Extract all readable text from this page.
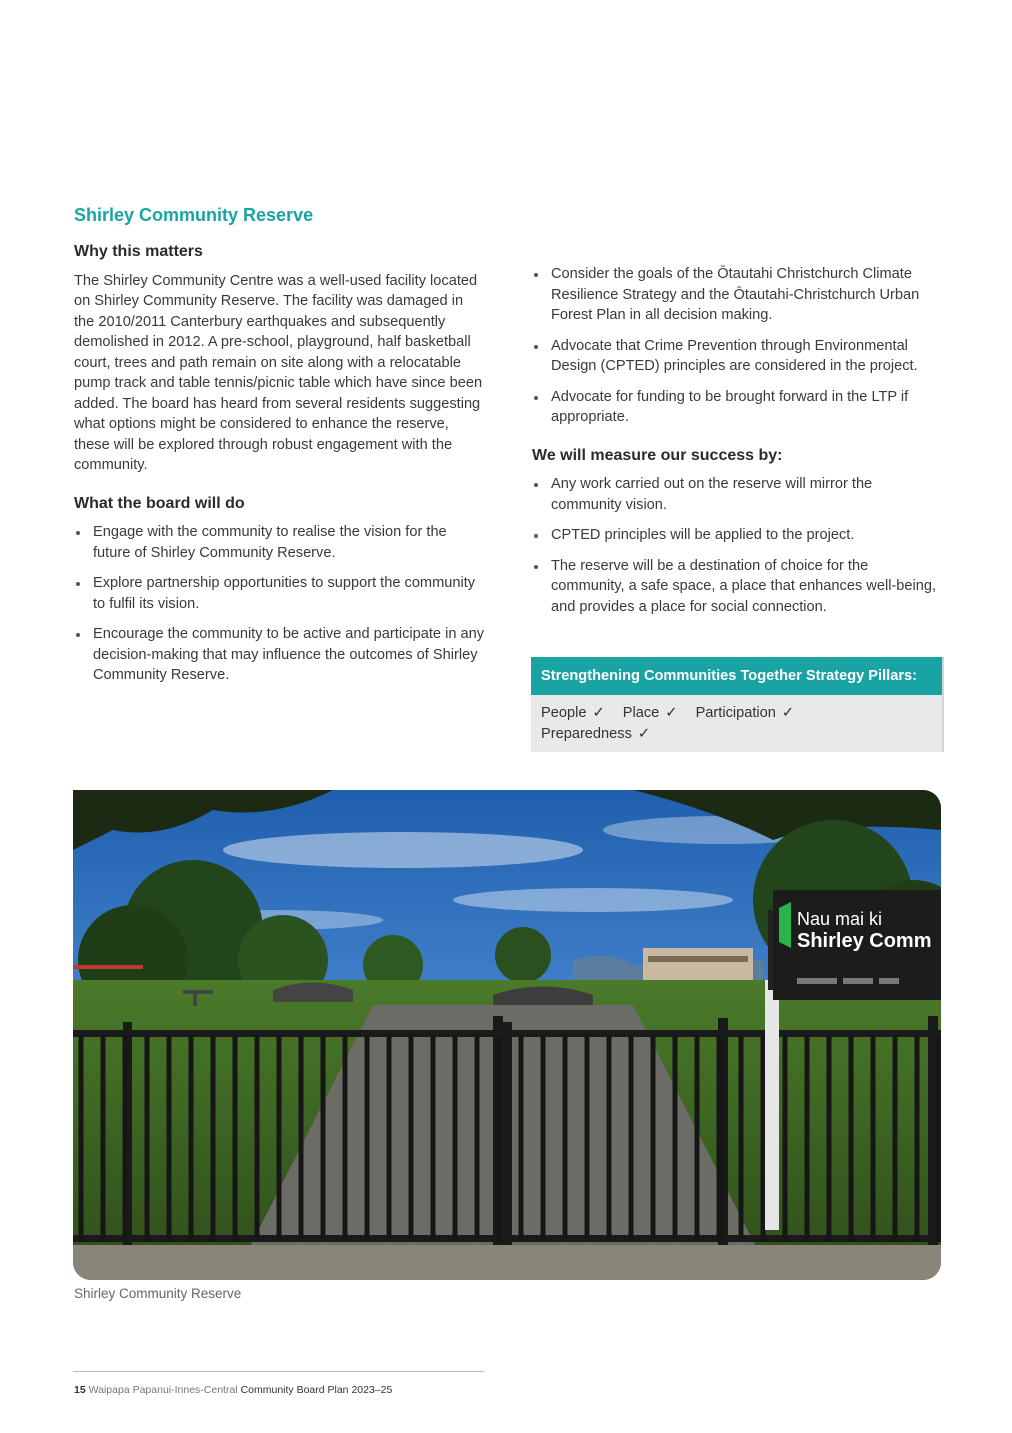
Shirley Community Reserve
Why this matters

The Shirley Community Centre was a well-used facility located on Shirley Community Reserve. The facility was damaged in the 2010/2011 Canterbury earthquakes and subsequently demolished in 2012. A pre-school, playground, half basketball court, trees and path remain on site along with a relocatable pump track and table tennis/picnic table which have since been added. The board has heard from several residents suggesting what options might be considered to enhance the reserve, these will be explored through robust engagement with the community.

What the board will do
Engage with the community to realise the vision for the future of Shirley Community Reserve.
Explore partnership opportunities to support the community to fulfil its vision.
Encourage the community to be active and participate in any decision-making that may influence the outcomes of Shirley Community Reserve.
Consider the goals of the Ōtautahi Christchurch Climate Resilience Strategy and the Ōtautahi-Christchurch Urban Forest Plan in all decision making.
Advocate that Crime Prevention through Environmental Design (CPTED) principles are considered in the project.
Advocate for funding to be brought forward in the LTP if appropriate.
We will measure our success by:
Any work carried out on the reserve will mirror the community vision.
CPTED principles will be applied to the project.
The reserve will be a destination of choice for the community, a safe space, a place that enhances well-being, and provides a place for social connection.
Strengthening Communities Together Strategy Pillars:
People ✓ Place ✓ Participation ✓
Preparedness ✓
Nau mai ki
Shirley Comm

Shirley Community Reserve

15 Waipapa Papanui-Innes-Central Community Board Plan 2023–25
